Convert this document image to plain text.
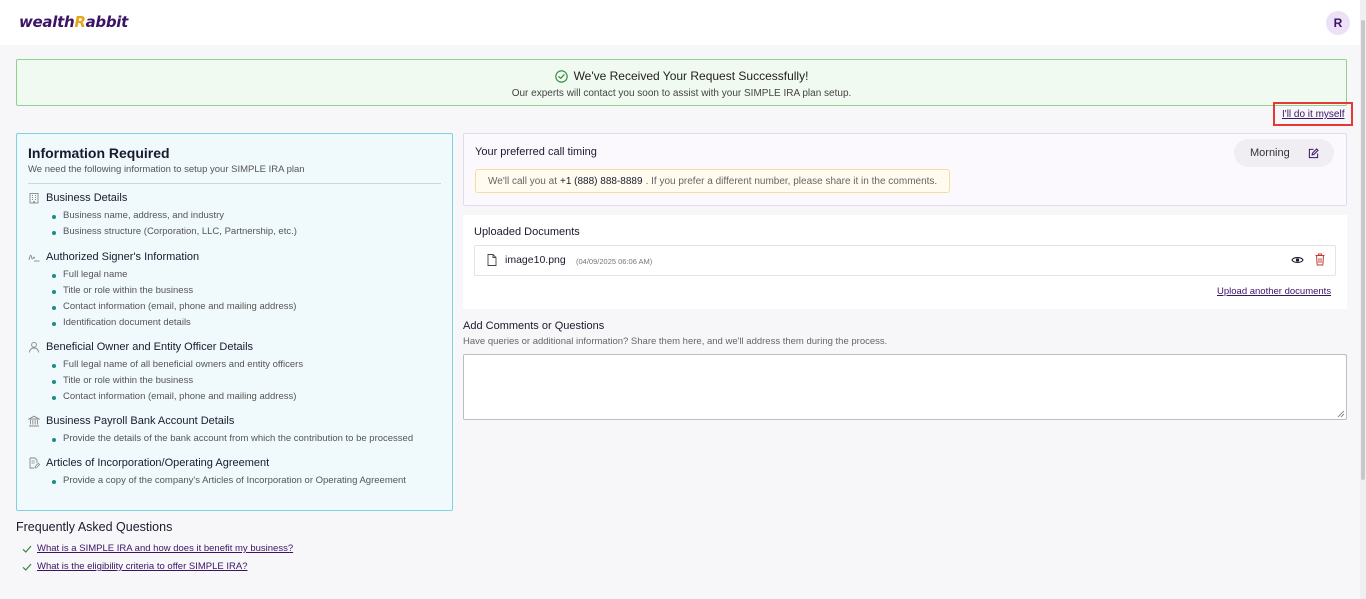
wealthRabbit	R
We've Received Your Request Successfully!
Our experts will contact you soon to assist with your SIMPLE IRA plan setup.
I'll do it myself
Information Required
We need the following information to setup your SIMPLE IRA plan
Business Details
Business name, address, and industry
Business structure (Corporation, LLC, Partnership, etc.)
Authorized Signer's Information
Full legal name
Title or role within the business
Contact information (email, phone and mailing address)
Identification document details
Beneficial Owner and Entity Officer Details
Full legal name of all beneficial owners and entity officers
Title or role within the business
Contact information (email, phone and mailing address)
Business Payroll Bank Account Details
Provide the details of the bank account from which the contribution to be processed
Articles of Incorporation/Operating Agreement
Provide a copy of the company's Articles of Incorporation or Operating Agreement
Frequently Asked Questions
What is a SIMPLE IRA and how does it benefit my business?
What is the eligibility criteria to offer SIMPLE IRA?
Your preferred call timing
We'll call you at +1 (888) 888-8889 . If you prefer a different number, please share it in the comments.
Morning
Uploaded Documents
image10.png (04/09/2025 06:06 AM)
Upload another documents
Add Comments or Questions
Have queries or additional information? Share them here, and we'll address them during the process.
